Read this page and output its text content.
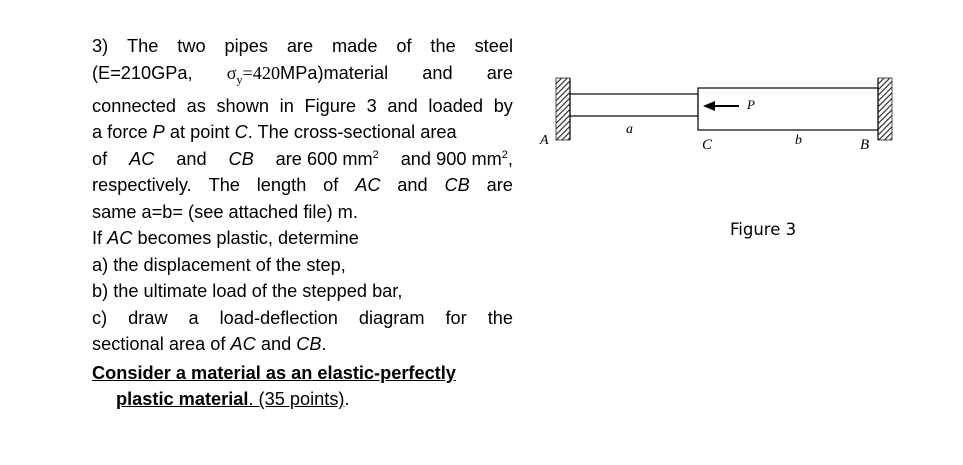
3) The two pipes are made of the steel
(E=210GPa, $\sigma_y=420MPa)material$ and are
connected as shown in Figure 3 and loaded by
a force P at point C. The cross-sectional area
of AC and CB are 600 $mm^2$ and 900 $mm^2$,
respectively. The length of AC and CB are
same a=b= (see attached file) m.
If AC becomes plastic, determine
a) the displacement of the step,
b) the ultimate load of the stepped bar,
c) draw a load-deflection diagram for the
sectional area of AC and CB.
Consider a material as an elastic-perfectly
plastic material. (35 points).
A
a
C
P
b	B
Figure 3
